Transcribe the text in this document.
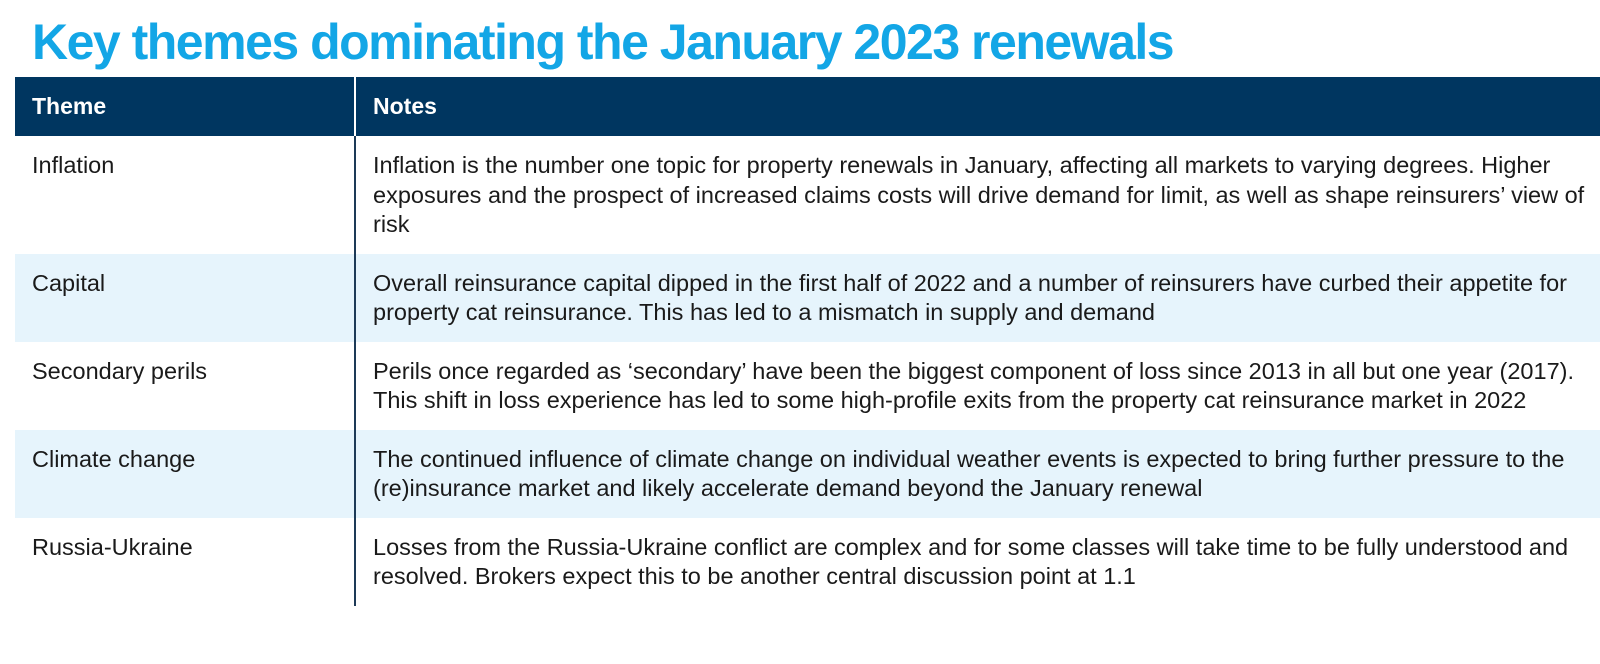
Key themes dominating the January 2023 renewals
Theme	Notes
Inflation	Inflation is the number one topic for property renewals in January, affecting all markets to varying degrees. Higher exposures and the prospect of increased claims costs will drive demand for limit, as well as shape reinsurers’ view of risk
Capital	Overall reinsurance capital dipped in the first half of 2022 and a number of reinsurers have curbed their appetite for property cat reinsurance. This has led to a mismatch in supply and demand
Secondary perils	Perils once regarded as ‘secondary’ have been the biggest component of loss since 2013 in all but one year (2017). This shift in loss experience has led to some high-profile exits from the property cat reinsurance market in 2022
Climate change	The continued influence of climate change on individual weather events is expected to bring further pressure to the (re)insurance market and likely accelerate demand beyond the January renewal
Russia-Ukraine	Losses from the Russia-Ukraine conflict are complex and for some classes will take time to be fully understood and resolved. Brokers expect this to be another central discussion point at 1.1
